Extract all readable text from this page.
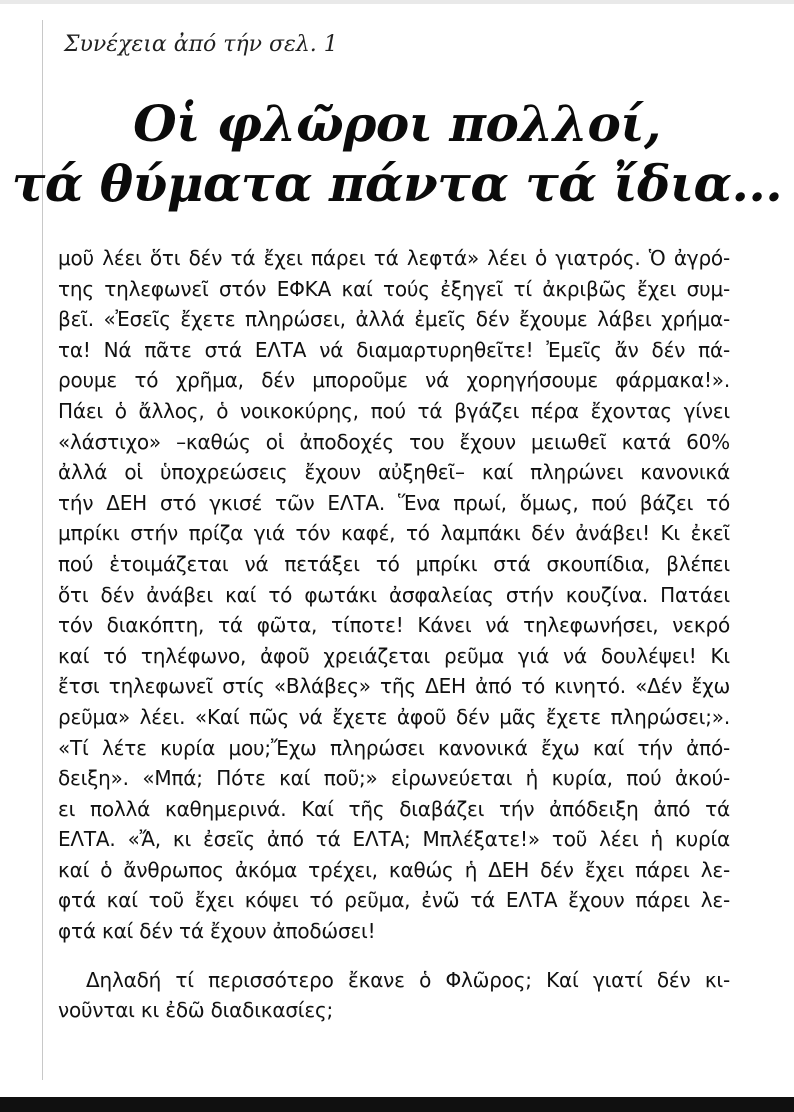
Συνέχεια ἀπό τήν σελ. 1
Οἱ φλῶροι πολλοί,
τά θύματα πάντα τά ἴδια...
μοῦ λέει ὅτι δέν τά ἔχει πάρει τά λεφτά» λέει ὁ γιατρός. Ὁ ἀγρό-
της τηλεφωνεῖ στόν ΕΦΚΑ καί τούς ἐξηγεῖ τί ἀκριβῶς ἔχει συμ-
βεῖ. «Ἐσεῖς ἔχετε πληρώσει, ἀλλά ἐμεῖς δέν ἔχουμε λάβει χρήμα-
τα! Νά πᾶτε στά ΕΛΤΑ νά διαμαρτυρηθεῖτε! Ἐμεῖς ἄν δέν πά-
ρουμε τό χρῆμα, δέν μποροῦμε νά χορηγήσουμε φάρμακα!».
Πάει ὁ ἄλλος, ὁ νοικοκύρης, πού τά βγάζει πέρα ἔχοντας γίνει
«λάστιχο» –καθώς οἱ ἀποδοχές του ἔχουν μειωθεῖ κατά 60%
ἀλλά οἱ ὑποχρεώσεις ἔχουν αὐξηθεῖ– καί πληρώνει κανονικά
τήν ΔΕΗ στό γκισέ τῶν ΕΛΤΑ. Ἕνα πρωί, ὅμως, πού βάζει τό
μπρίκι στήν πρίζα γιά τόν καφέ, τό λαμπάκι δέν ἀνάβει! Κι ἐκεῖ
πού ἑτοιμάζεται νά πετάξει τό μπρίκι στά σκουπίδια, βλέπει
ὅτι δέν ἀνάβει καί τό φωτάκι ἀσφαλείας στήν κουζίνα. Πατάει
τόν διακόπτη, τά φῶτα, τίποτε! Κάνει νά τηλεφωνήσει, νεκρό
καί τό τηλέφωνο, ἀφοῦ χρειάζεται ρεῦμα γιά νά δουλέψει! Κι
ἔτσι τηλεφωνεῖ στίς «Βλάβες» τῆς ΔΕΗ ἀπό τό κινητό. «Δέν ἔχω
ρεῦμα» λέει. «Καί πῶς νά ἔχετε ἀφοῦ δέν μᾶς ἔχετε πληρώσει;».
«Τί λέτε κυρία μου;Ἔχω πληρώσει κανονικά ἔχω καί τήν ἀπό-
δειξη». «Μπά; Πότε καί ποῦ;» εἰρωνεύεται ἡ κυρία, πού ἀκού-
ει πολλά καθημερινά. Καί τῆς διαβάζει τήν ἀπόδειξη ἀπό τά
ΕΛΤΑ. «Ἄ, κι ἐσεῖς ἀπό τά ΕΛΤΑ; Μπλέξατε!» τοῦ λέει ἡ κυρία
καί ὁ ἄνθρωπος ἀκόμα τρέχει, καθώς ἡ ΔΕΗ δέν ἔχει πάρει λε-
φτά καί τοῦ ἔχει κόψει τό ρεῦμα, ἐνῶ τά ΕΛΤΑ ἔχουν πάρει λε-
φτά καί δέν τά ἔχουν ἀποδώσει!
Δηλαδή τί περισσότερο ἔκανε ὁ Φλῶρος; Καί γιατί δέν κι-
νοῦνται κι ἐδῶ διαδικασίες;
